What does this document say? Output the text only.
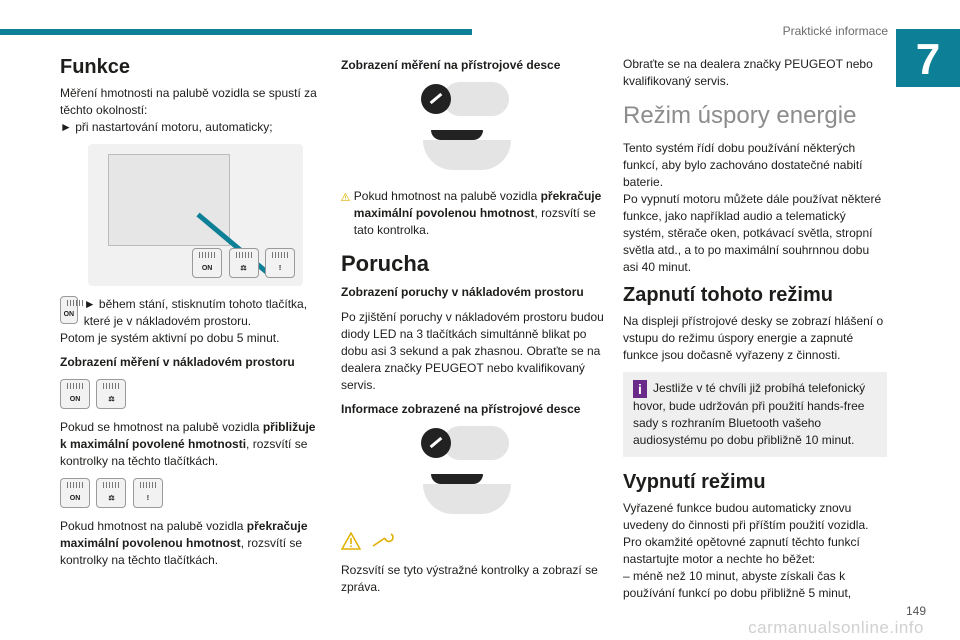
Praktické informace
7
Funkce

Měření hmotnosti na palubě vozidla se spustí za těchto okolností:

► při nastartování motoru, automaticky;

ON
	⚖
	!
ON

► během stání, stisknutím tohoto tlačítka, které je v nákladovém prostoru.

Potom je systém aktivní po dobu 5 minut.

Zobrazení měření v nákladovém prostoru
ON
	⚖

Pokud se hmotnost na palubě vozidla přibližuje k maximální povolené hmotnosti, rozsvítí se kontrolky na těchto tlačítkách.

ON
	⚖
	!

Pokud hmotnost na palubě vozidla překračuje maximální povolenou hmotnost, rozsvítí se kontrolky na těchto tlačítkách.

Zobrazení měření na přístrojové desce

Pokud hmotnost na palubě vozidla překračuje maximální povolenou hmotnost, rozsvítí se tato kontrolka.

Porucha
Zobrazení poruchy v nákladovém prostoru

Po zjištění poruchy v nákladovém prostoru budou diody LED na 3 tlačítkách simultánně blikat po dobu asi 3 sekund a pak zhasnou. Obraťte se na dealera značky PEUGEOT nebo kvalifikovaný servis.

Informace zobrazené na přístrojové desce

Rozsvítí se tyto výstražné kontrolky a zobrazí se zpráva.

Obraťte se na dealera značky PEUGEOT nebo kvalifikovaný servis.

Režim úspory energie

Tento systém řídí dobu používání některých funkcí, aby bylo zachováno dostatečné nabití baterie.

Po vypnutí motoru můžete dále používat některé funkce, jako například audio a telematický systém, stěrače oken, potkávací světla, stropní světla atd., a to po maximální souhrnnou dobu asi 40 minut.

Zapnutí tohoto režimu

Na displeji přístrojové desky se zobrazí hlášení o vstupu do režimu úspory energie a zapnuté funkce jsou dočasně vyřazeny z činnosti.

i Jestliže v té chvíli již probíhá telefonický hovor, bude udržován při použití hands-free sady s rozhraním Bluetooth vašeho audiosystému po dobu přibližně 10 minut.

Vypnutí režimu

Vyřazené funkce budou automaticky znovu uvedeny do činnosti při příštím použití vozidla.

Pro okamžité opětovné zapnutí těchto funkcí nastartujte motor a nechte ho běžet:

– méně než 10 minut, abyste získali čas k používání funkcí po dobu přibližně 5 minut,

carmanualsonline.info
149
